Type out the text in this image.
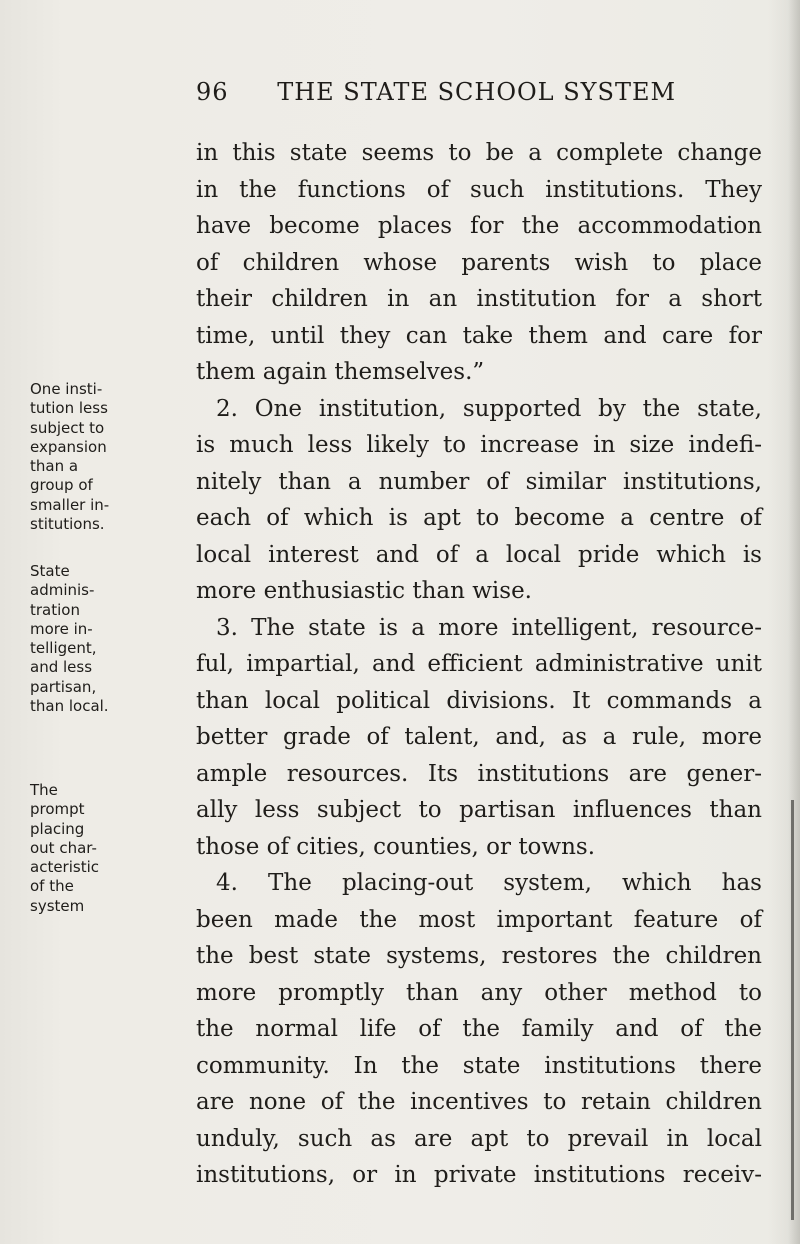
96 THE STATE SCHOOL SYSTEM
in this state seems to be a complete change
in the functions of such institutions. They
have become places for the accommodation
of children whose parents wish to place
their children in an institution for a short
time, until they can take them and care for
them again themselves.”
2. One institution, supported by the state,
is much less likely to increase in size indefi-
nitely than a number of similar institutions,
each of which is apt to become a centre of
local interest and of a local pride which is
more enthusiastic than wise.
3. The state is a more intelligent, resource-
ful, impartial, and efficient administrative unit
than local political divisions. It commands a
better grade of talent, and, as a rule, more
ample resources. Its institutions are gener-
ally less subject to partisan influences than
those of cities, counties, or towns.
4. The placing-out system, which has
been made the most important feature of
the best state systems, restores the children
more promptly than any other method to
the normal life of the family and of the
community. In the state institutions there
are none of the incentives to retain children
unduly, such as are apt to prevail in local
institutions, or in private institutions receiv-
One insti-
tution less
subject to
expansion
than a
group of
smaller in-
stitutions.
State
adminis-
tration
more in-
telligent,
and less
partisan,
than local.
The
prompt
placing
out char-
acteristic
of the
system
